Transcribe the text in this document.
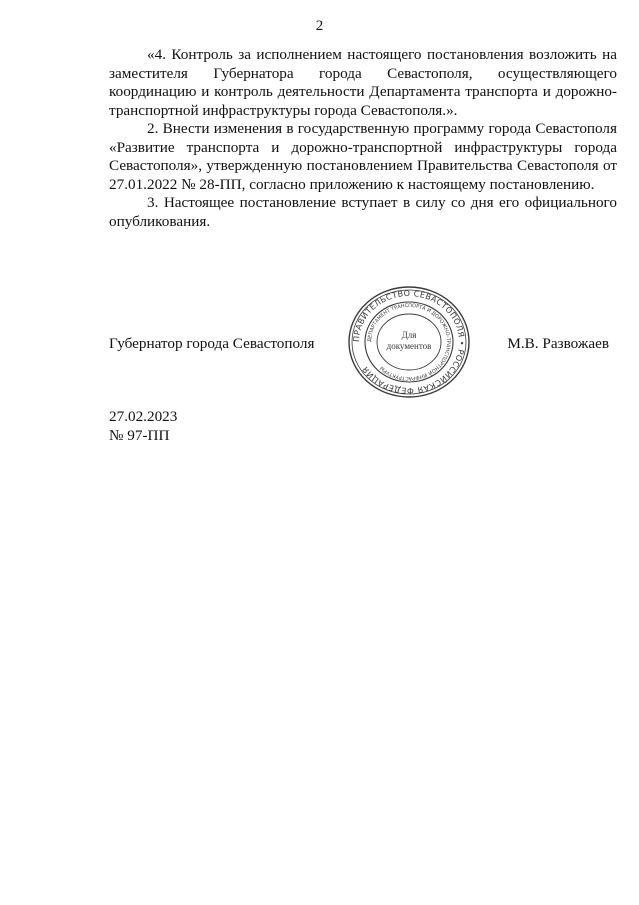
2

«4. Контроль за исполнением настоящего постановления возложить на заместителя Губернатора города Севастополя, осуществляющего координацию и контроль деятельности Департамента транспорта и дорожно-транспортной инфраструктуры города Севастополя.».

2. Внести изменения в государственную программу города Севастополя «Развитие транспорта и дорожно-транспортной инфраструктуры города Севастополя», утвержденную постановлением Правительства Севастополя от 27.01.2022 № 28-ПП, согласно приложению к настоящему постановлению.

3. Настоящее постановление вступает в силу со дня его официального опубликования.

Губернатор города Севастополя	М.В. Развожаев
ПРАВИТЕЛЬСТВО СЕВАСТОПОЛЯ • РОССИЙСКАЯ ФЕДЕРАЦИЯ
ДЕПАРТАМЕНТ ТРАНСПОРТА И ДОРОЖНО-ТРАНСПОРТНОЙ ИНФРАСТРУКТУРЫ
Для
документов
27.02.2023
№ 97-ПП
